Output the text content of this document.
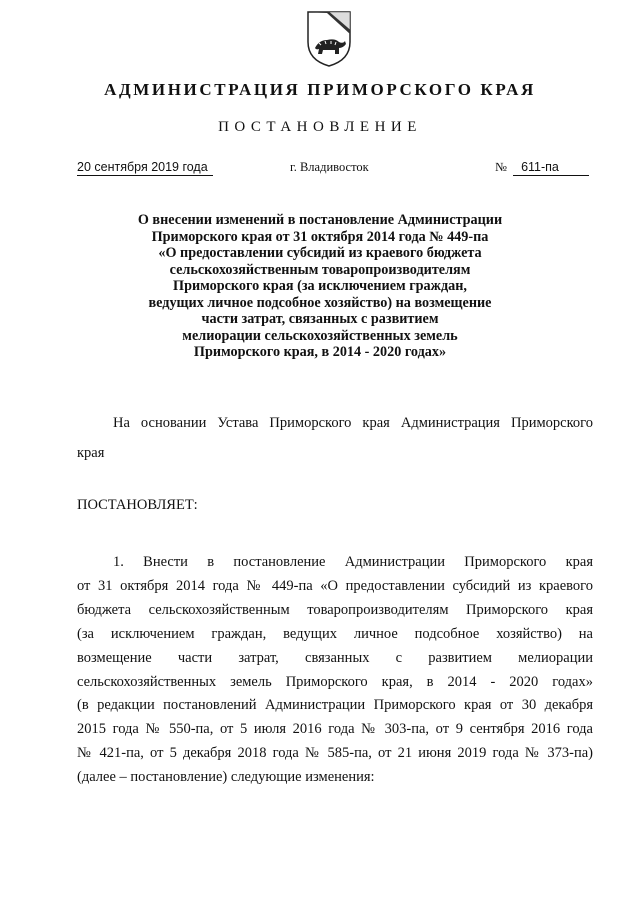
АДМИНИСТРАЦИЯ ПРИМОРСКОГО КРАЯ
ПОСТАНОВЛЕНИЕ
20 сентября 2019 года	г. Владивосток	№ 611-па
О внесении изменений в постановление Администрации
Приморского края от 31 октября 2014 года № 449-па
«О предоставлении субсидий из краевого бюджета
сельскохозяйственным товаропроизводителям
Приморского края (за исключением граждан,
ведущих личное подсобное хозяйство) на возмещение
части затрат, связанных с развитием
мелиорации сельскохозяйственных земель
Приморского края, в 2014 - 2020 годах»
На основании Устава Приморского края Администрация Приморского
края
ПОСТАНОВЛЯЕТ:
1. Внести в постановление Администрации Приморского края
от 31 октября 2014 года № 449-па «О предоставлении субсидий из краевого
бюджета сельскохозяйственным товаропроизводителям Приморского края
(за исключением граждан, ведущих личное подсобное хозяйство) на
возмещение части затрат, связанных с развитием мелиорации
сельскохозяйственных земель Приморского края, в 2014 - 2020 годах»
(в редакции постановлений Администрации Приморского края от 30 декабря
2015 года № 550-па, от 5 июля 2016 года № 303-па, от 9 сентября 2016 года
№ 421-па, от 5 декабря 2018 года № 585-па, от 21 июня 2019 года № 373-па)
(далее – постановление) следующие изменения:
